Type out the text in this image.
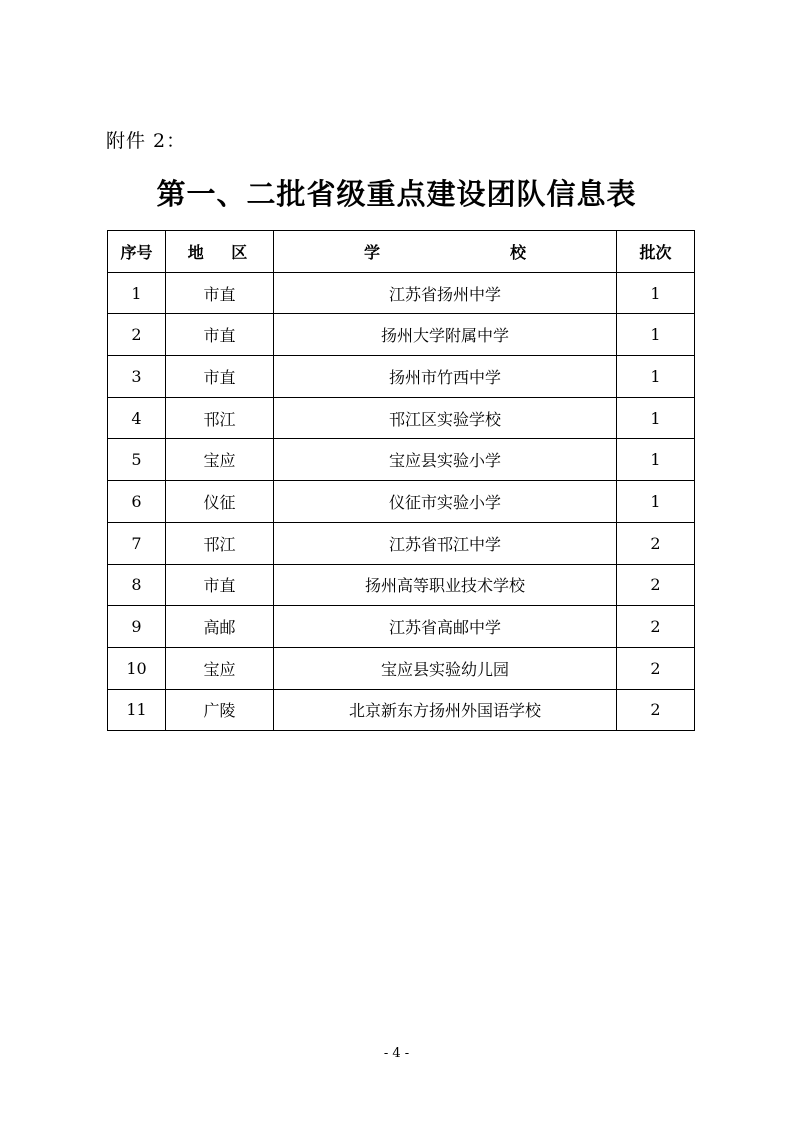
附件 2：
第一、二批省级重点建设团队信息表
序号	地 区	学 校	批次
1	市直	江苏省扬州中学	1
2	市直	扬州大学附属中学	1
3	市直	扬州市竹西中学	1
4	邗江	邗江区实验学校	1
5	宝应	宝应县实验小学	1
6	仪征	仪征市实验小学	1
7	邗江	江苏省邗江中学	2
8	市直	扬州高等职业技术学校	2
9	高邮	江苏省高邮中学	2
10	宝应	宝应县实验幼儿园	2
11	广陵	北京新东方扬州外国语学校	2
- 4 -
